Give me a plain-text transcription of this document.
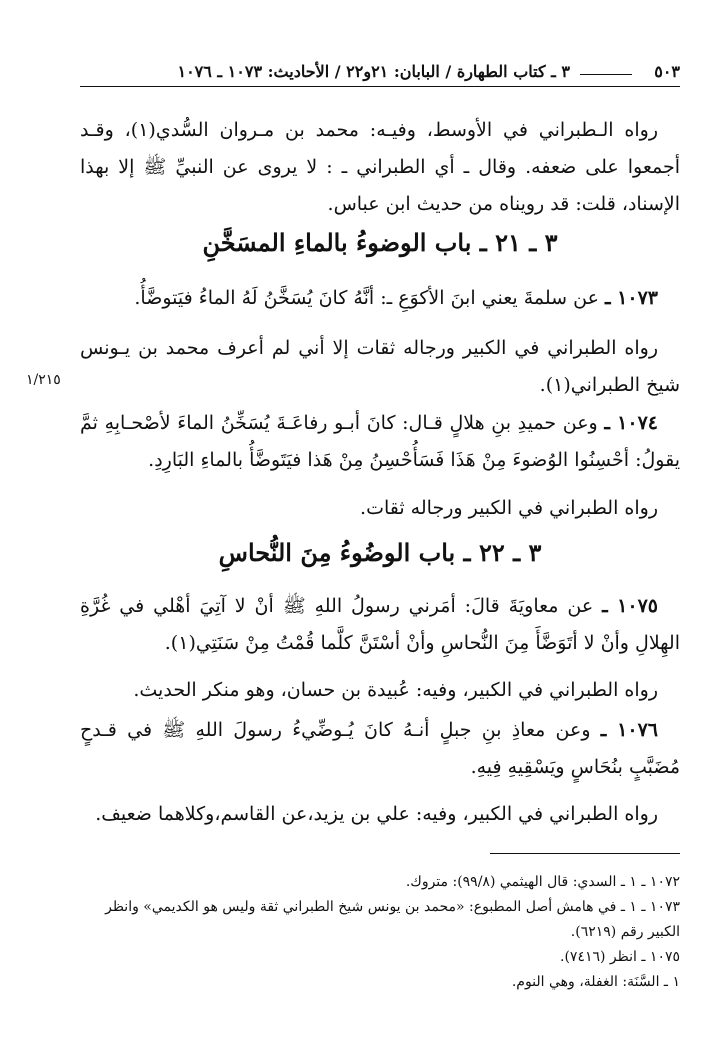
٥٠٣
٣ ـ كتاب الطهارة / البابان: ٢١و٢٢ / الأحاديث: ١٠٧٣ ـ ١٠٧٦
١/٢١٥

رواه الـطبراني في الأوسط، وفيـه: محمد بن مـروان السُّدي(١)، وقـد أجمعوا على ضعفه. وقال ـ أي الطبراني ـ : لا يروى عن النبيِّ ﷺ إلا بهذا الإسناد، قلت: قد رويناه من حديث ابن عباس.

٣ ـ ٢١ ـ باب الوضوءُ بالماءِ المسَخَّنِ

١٠٧٣ ـ عن سلمةَ يعني ابنَ الأكوَعِ ـ: أنَّهُ كانَ يُسَخَّنُ لَهُ الماءُ فيَتوضَّأُ.

رواه الطبراني في الكبير ورجاله ثقات إلا أني لم أعرف محمد بن يـونس شيخ الطبراني(١).

١٠٧٤ ـ وعن حميدِ بنِ هلالٍ قـال: كانَ أبـو رفاعَـةَ يُسَخِّنُ الماءَ لأصْحـابِهِ ثمَّ يقولُ: أحْسِنُوا الوُضوءَ مِنْ هَذَا فَسَأُحْسِنُ مِنْ هَذا فيَتَوضَّأُ بالماءِ البَارِدِ.

رواه الطبراني في الكبير ورجاله ثقات.

٣ ـ ٢٢ ـ باب الوضُوءُ مِنَ النُّحاسِ

١٠٧٥ ـ عن معاويَةَ قالَ: أمَرني رسولُ اللهِ ﷺ أنْ لا آتِيَ أهْلي في غُرَّةِ الهِلالِ وأنْ لا أتَوَضَّأَ مِنَ النُّحاسِ وأنْ أسْتَنَّ كلَّما قُمْتُ مِنْ سَنَتِي(١).

رواه الطبراني في الكبير، وفيه: عُبيدة بن حسان، وهو منكر الحديث.

١٠٧٦ ـ وعن معاذِ بنِ جبلٍ أنـهُ كانَ يُـوضِّيءُ رسولَ اللهِ ﷺ في قـدحٍ مُضَبَّبٍ بنُحَاسٍ ويَسْقِيهِ فِيهِ.

رواه الطبراني في الكبير، وفيه: علي بن يزيد،عن القاسم،وكلاهما ضعيف.

١٠٧٢ ـ ١ ـ السدي: قال الهيثمي (٩٩/٨): متروك.

١٠٧٣ ـ ١ ـ في هامش أصل المطبوع: «محمد بن يونس شيخ الطبراني ثقة وليس هو الكديمي» وانظر الكبير رقم (٦٢١٩).

١٠٧٥ ـ انظر (٧٤١٦).

١ ـ السَّنَة: الغفلة، وهي النوم.
